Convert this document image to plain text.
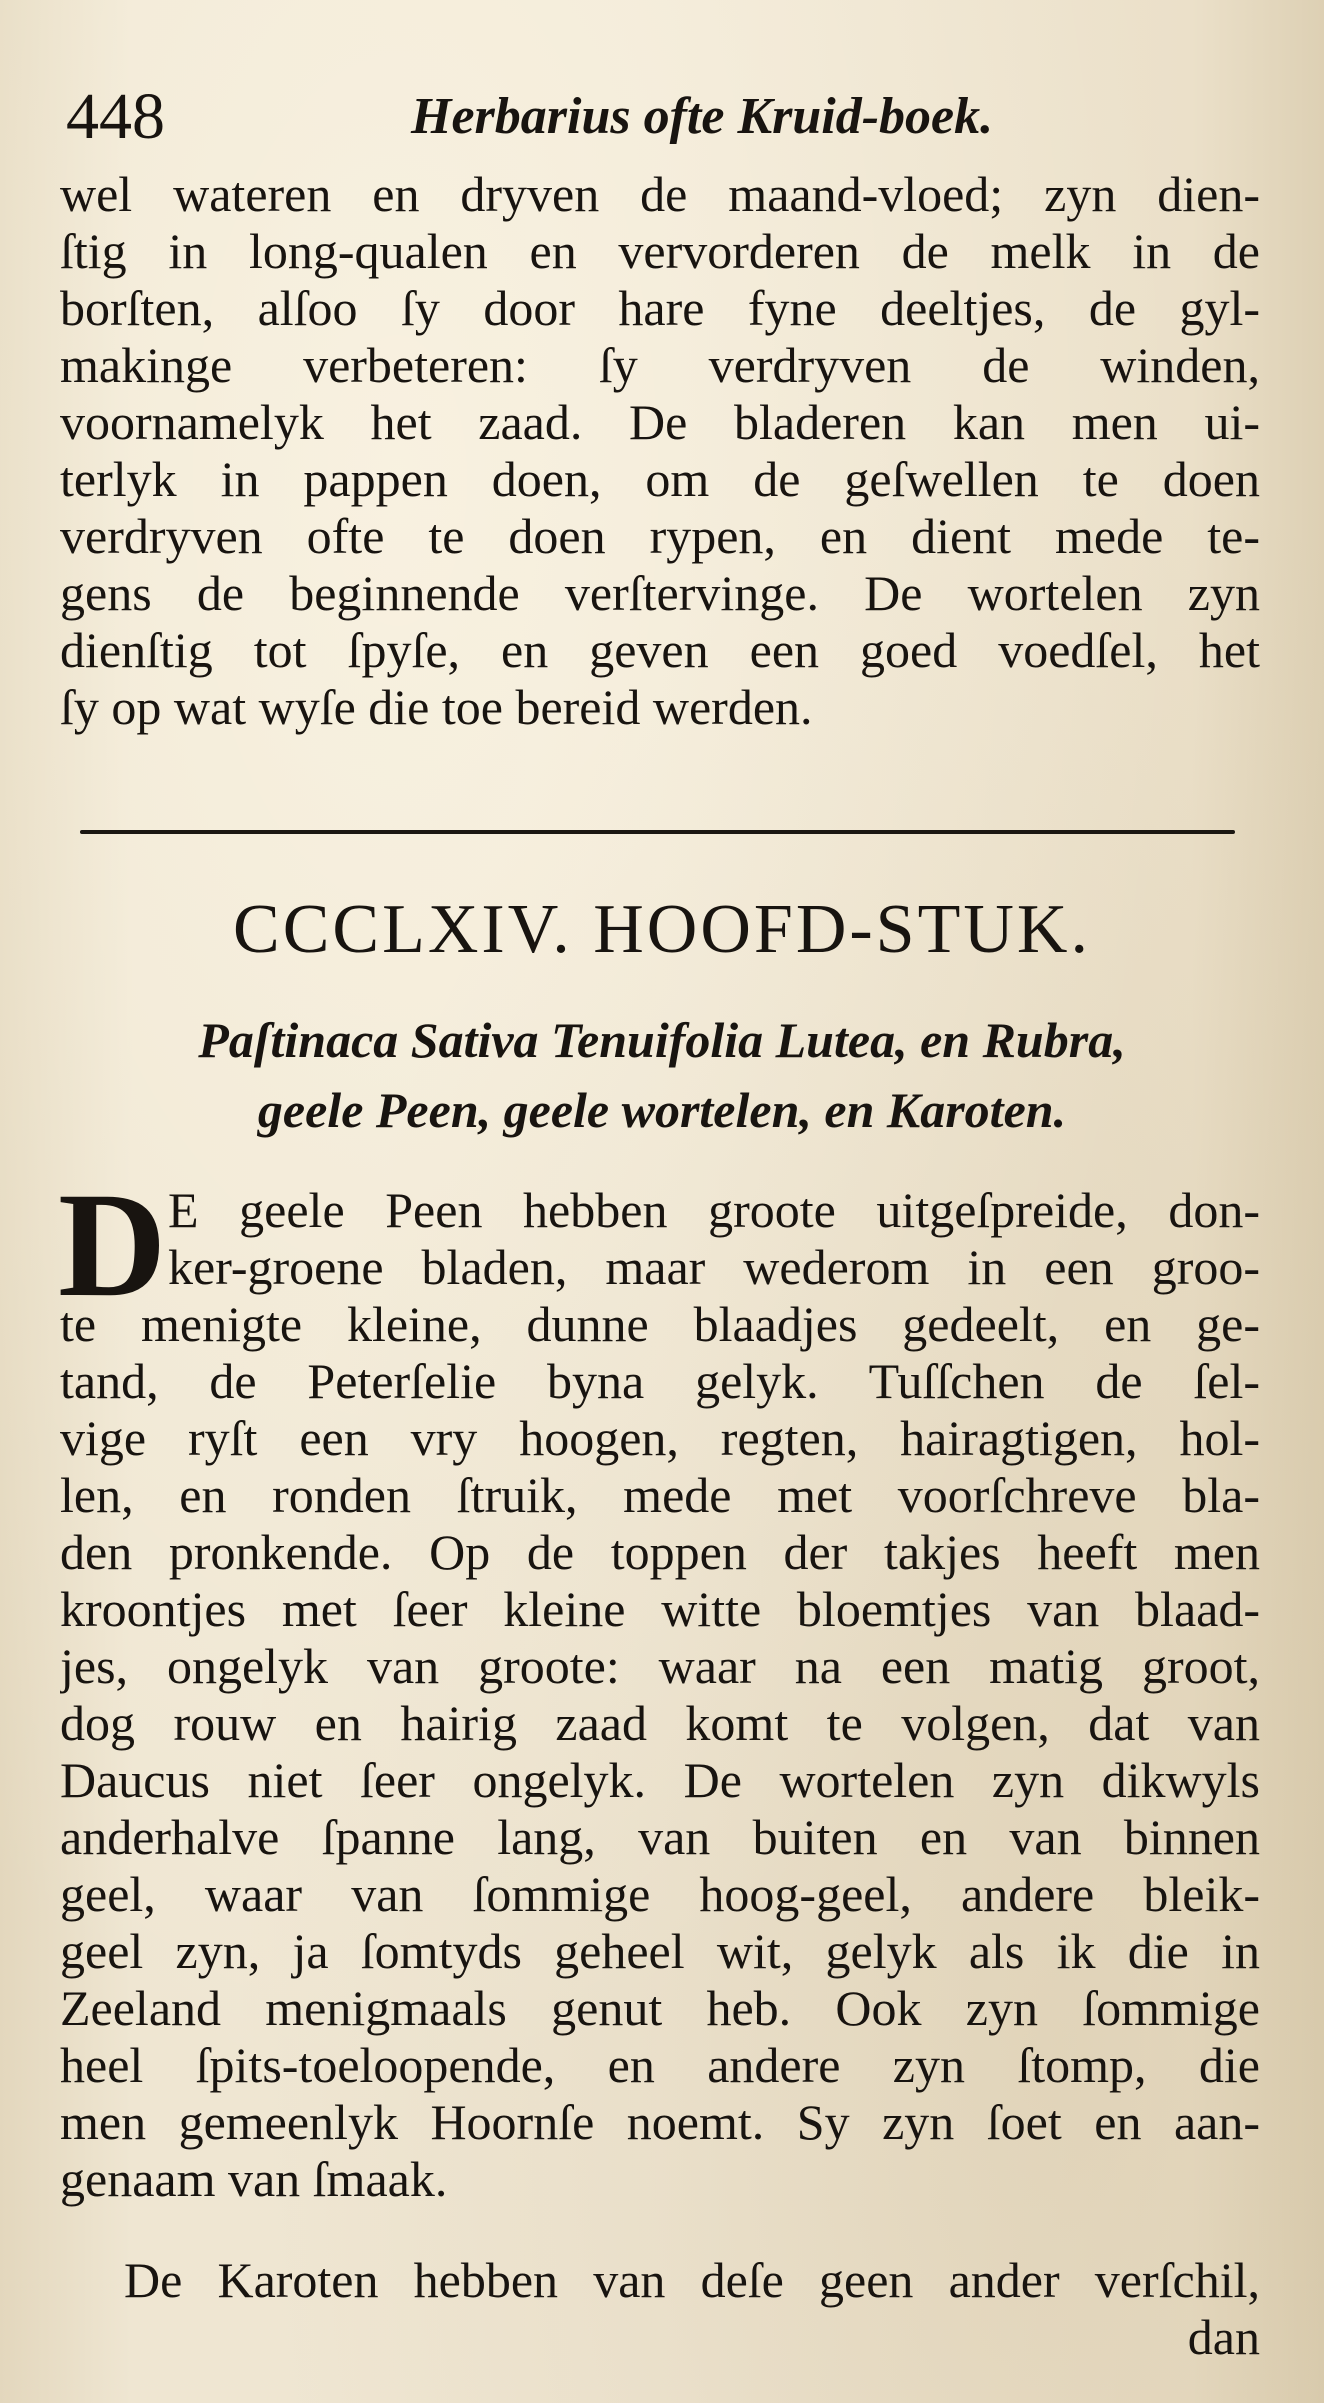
448	Herbarius ofte Kruid-boek.
wel wateren en dryven de maand-vloed; zyn dien-
ſtig in long-qualen en vervorderen de melk in de
borſten, alſoo ſy door hare fyne deeltjes, de gyl-
makinge verbeteren: ſy verdryven de winden,
voornamelyk het zaad. De bladeren kan men ui-
terlyk in pappen doen, om de geſwellen te doen
verdryven ofte te doen rypen, en dient mede te-
gens de beginnende verſtervinge. De wortelen zyn
dienſtig tot ſpyſe, en geven een goed voedſel, het
ſy op wat wyſe die toe bereid werden.
CCCLXIV. HOOFD-STUK.
Paſtinaca Sativa Tenuifolia Lutea, en Rubra,
geele Peen, geele wortelen, en Karoten.
D E geele Peen hebben groote uitgeſpreide, don-
ker-groene bladen, maar wederom in een groo-
te menigte kleine, dunne blaadjes gedeelt, en ge-
tand, de Peterſelie byna gelyk. Tuſſchen de ſel-
vige ryſt een vry hoogen, regten, hairagtigen, hol-
len, en ronden ſtruik, mede met voorſchreve bla-
den pronkende. Op de toppen der takjes heeft men
kroontjes met ſeer kleine witte bloemtjes van blaad-
jes, ongelyk van groote: waar na een matig groot,
dog rouw en hairig zaad komt te volgen, dat van
Daucus niet ſeer ongelyk. De wortelen zyn dikwyls
anderhalve ſpanne lang, van buiten en van binnen
geel, waar van ſommige hoog-geel, andere bleik-
geel zyn, ja ſomtyds geheel wit, gelyk als ik die in
Zeeland menigmaals genut heb. Ook zyn ſommige
heel ſpits-toeloopende, en andere zyn ſtomp, die
men gemeenlyk Hoornſe noemt. Sy zyn ſoet en aan-
genaam van ſmaak.
De Karoten hebben van deſe geen ander verſchil,
dan
